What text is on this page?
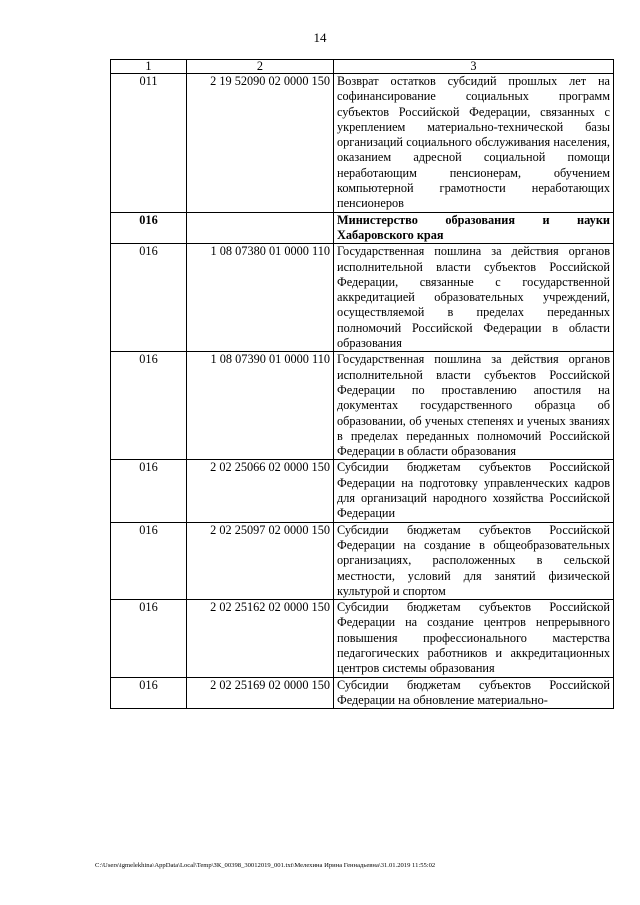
14
1	2	3
011	2 19 52090 02 0000 150	Возврат остатков субсидий прошлых лет на софинансирование социальных программ субъектов Российской Федерации, связанных с укреплением материально-технической базы организаций социального обслуживания населения, оказанием адресной социальной помощи неработающим пенсионерам, обучением компьютерной грамотности неработающих пенсионеров
016		Министерство образования и науки Хабаровского края
016	1 08 07380 01 0000 110	Государственная пошлина за действия органов исполнительной власти субъектов Российской Федерации, связанные с государственной аккредитацией образовательных учреждений, осуществляемой в пределах переданных полномочий Российской Федерации в области образования
016	1 08 07390 01 0000 110	Государственная пошлина за действия органов исполнительной власти субъектов Российской Федерации по проставлению апостиля на документах государственного образца об образовании, об ученых степенях и ученых званиях в пределах переданных полномочий Российской Федерации в области образования
016	2 02 25066 02 0000 150	Субсидии бюджетам субъектов Российской Федерации на подготовку управленческих кадров для организаций народного хозяйства Российской Федерации
016	2 02 25097 02 0000 150	Субсидии бюджетам субъектов Российской Федерации на создание в общеобразовательных организациях, расположенных в сельской местности, условий для занятий физической культурой и спортом
016	2 02 25162 02 0000 150	Субсидии бюджетам субъектов Российской Федерации на создание центров непрерывного повышения профессионального мастерства педагогических работников и аккредитационных центров системы образования
016	2 02 25169 02 0000 150	Субсидии бюджетам субъектов Российской Федерации на обновление материально-
C:\Users\igmelekhina\AppData\Local\Temp\ЗК_00398_30012019_001.txt\Мелехина Ирина Геннадьевна\31.01.2019 11:55:02
